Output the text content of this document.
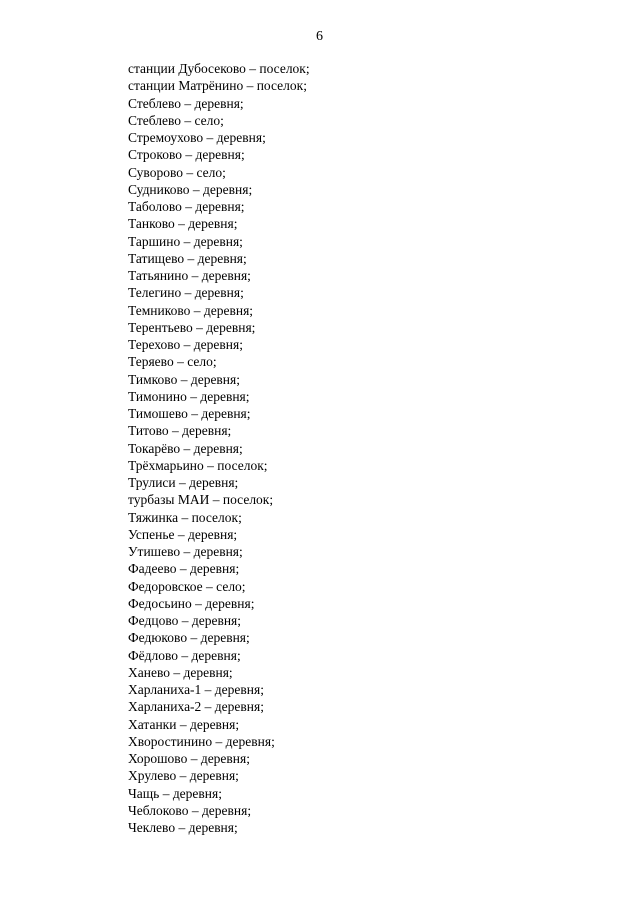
6
станции Дубосеково – поселок;
станции Матрёнино – поселок;
Стеблево – деревня;
Стеблево – село;
Стремоухово – деревня;
Строково – деревня;
Суворово – село;
Судниково – деревня;
Таболово – деревня;
Танково – деревня;
Таршино – деревня;
Татищево – деревня;
Татьянино – деревня;
Телегино – деревня;
Темниково – деревня;
Терентьево – деревня;
Терехово – деревня;
Теряево – село;
Тимково – деревня;
Тимонино – деревня;
Тимошево – деревня;
Титово – деревня;
Токарёво – деревня;
Трёхмарьино – поселок;
Трулиси – деревня;
турбазы МАИ – поселок;
Тяжинка – поселок;
Успенье – деревня;
Утишево – деревня;
Фадеево – деревня;
Федоровское – село;
Федосьино – деревня;
Федцово – деревня;
Федюково – деревня;
Фёдлово – деревня;
Ханево – деревня;
Харланиха-1 – деревня;
Харланиха-2 – деревня;
Хатанки – деревня;
Хворостинино – деревня;
Хорошово – деревня;
Хрулево – деревня;
Чащь – деревня;
Чеблоково – деревня;
Чеклево – деревня;
